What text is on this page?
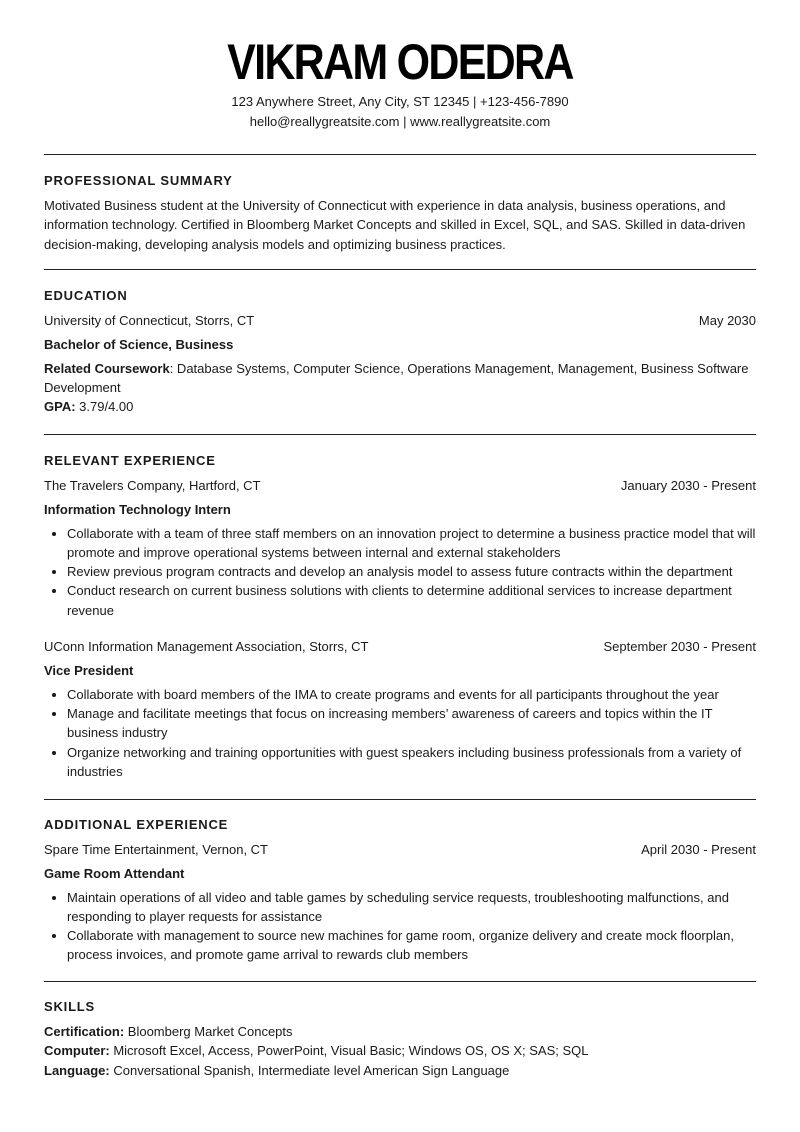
VIKRAM ODEDRA
123 Anywhere Street, Any City, ST 12345 | +123-456-7890
hello@reallygreatsite.com | www.reallygreatsite.com
PROFESSIONAL SUMMARY
Motivated Business student at the University of Connecticut with experience in data analysis, business operations, and information technology. Certified in Bloomberg Market Concepts and skilled in Excel, SQL, and SAS. Skilled in data-driven decision-making, developing analysis models and optimizing business practices.
EDUCATION
University of Connecticut, Storrs, CT	May 2030
Bachelor of Science, Business
Related Coursework: Database Systems, Computer Science, Operations Management, Management, Business Software Development
GPA: 3.79/4.00
RELEVANT EXPERIENCE
The Travelers Company, Hartford, CT	January 2030 - Present
Information Technology Intern
• Collaborate with a team of three staff members on an innovation project to determine a business practice model that will promote and improve operational systems between internal and external stakeholders
• Review previous program contracts and develop an analysis model to assess future contracts within the department
• Conduct research on current business solutions with clients to determine additional services to increase department revenue
UConn Information Management Association, Storrs, CT	September 2030 - Present
Vice President
• Collaborate with board members of the IMA to create programs and events for all participants throughout the year
• Manage and facilitate meetings that focus on increasing members’ awareness of careers and topics within the IT business industry
• Organize networking and training opportunities with guest speakers including business professionals from a variety of industries
ADDITIONAL EXPERIENCE
Spare Time Entertainment, Vernon, CT	April 2030 - Present
Game Room Attendant
• Maintain operations of all video and table games by scheduling service requests, troubleshooting malfunctions, and responding to player requests for assistance
• Collaborate with management to source new machines for game room, organize delivery and create mock floorplan, process invoices, and promote game arrival to rewards club members
SKILLS
Certification: Bloomberg Market Concepts
Computer: Microsoft Excel, Access, PowerPoint, Visual Basic; Windows OS, OS X; SAS; SQL
Language: Conversational Spanish, Intermediate level American Sign Language
